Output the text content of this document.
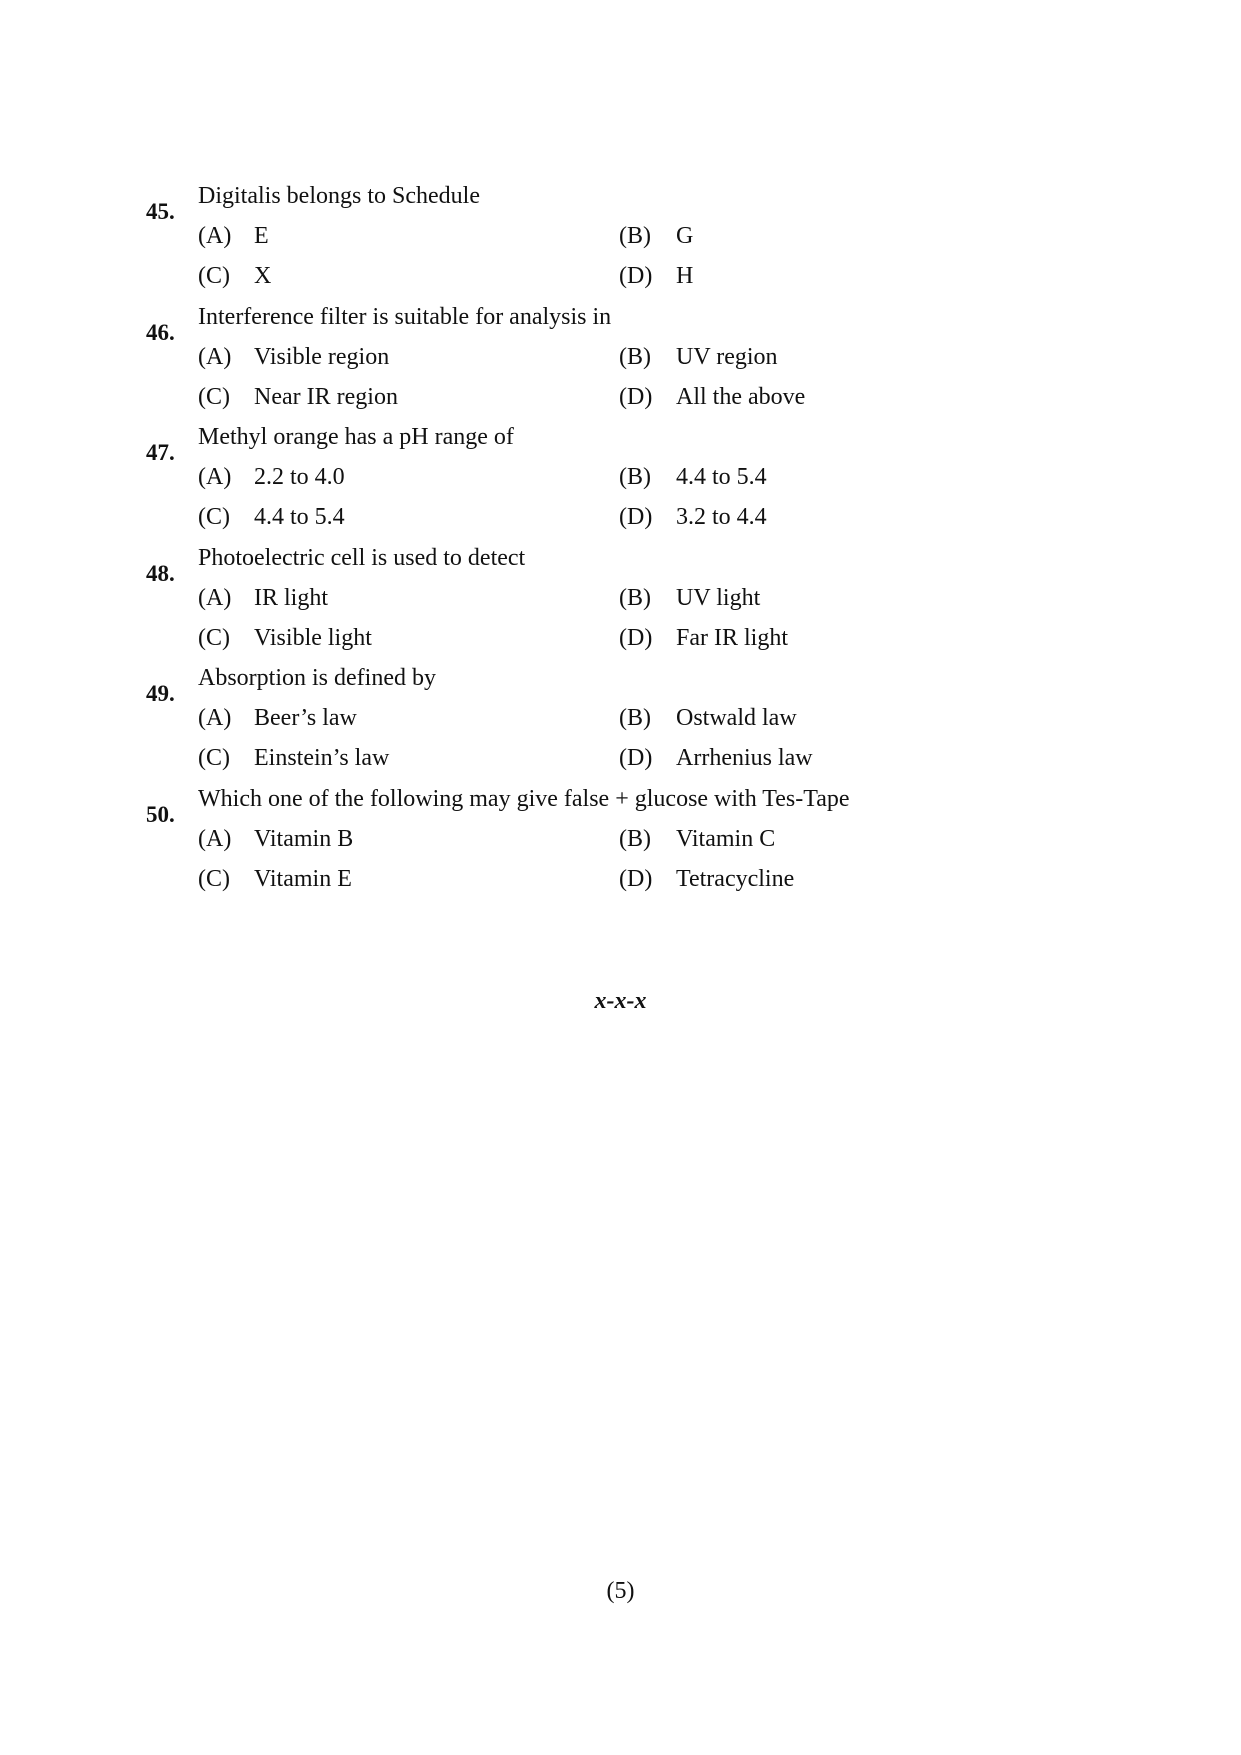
45.
Digitalis belongs to Schedule
(A) E	(B) G
(C) X	(D) H
46.
Interference filter is suitable for analysis in
(A) Visible region	(B) UV region
(C) Near IR region	(D) All the above
47.
Methyl orange has a pH range of
(A) 2.2 to 4.0	(B) 4.4 to 5.4
(C) 4.4 to 5.4	(D) 3.2 to 4.4
48.
Photoelectric cell is used to detect
(A) IR light	(B) UV light
(C) Visible light	(D) Far IR light
49.
Absorption is defined by
(A) Beer’s law	(B) Ostwald law
(C) Einstein’s law	(D) Arrhenius law
50.
Which one of the following may give false + glucose with Tes-Tape
(A) Vitamin B	(B) Vitamin C
(C) Vitamin E	(D) Tetracycline
x-x-x
(5)
